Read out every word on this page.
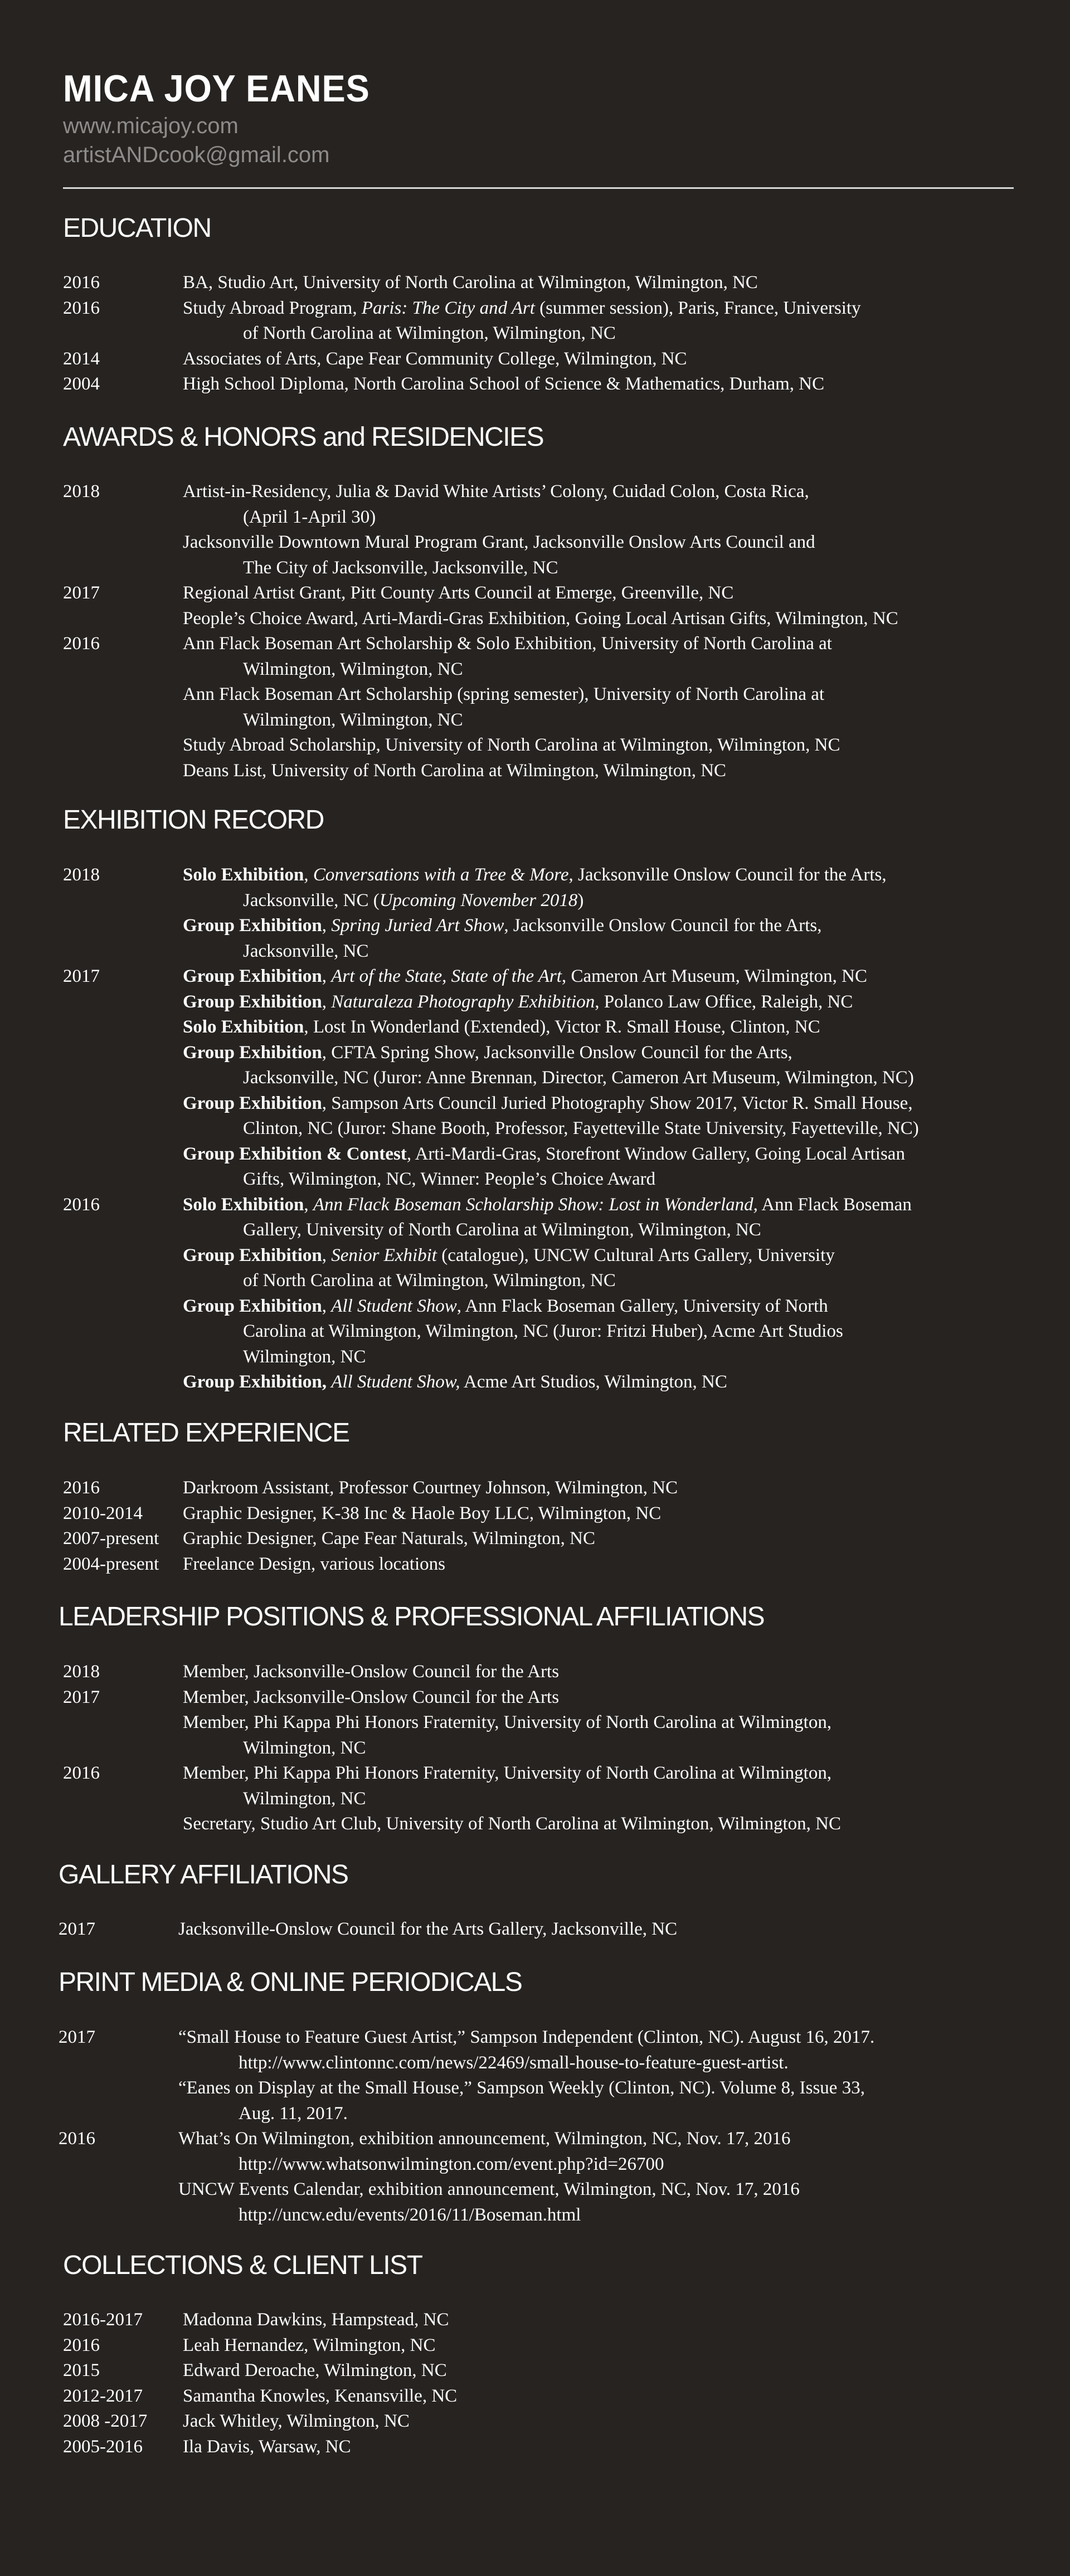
MICA JOY EANES
www.micajoy.com
artistANDcook@gmail.com
EDUCATION
2016	BA, Studio Art, University of North Carolina at Wilmington, Wilmington, NC
2016	Study Abroad Program, Paris: The City and Art (summer session), Paris, France, University
of North Carolina at Wilmington, Wilmington, NC
2014	Associates of Arts, Cape Fear Community College, Wilmington, NC
2004	High School Diploma, North Carolina School of Science & Mathematics, Durham, NC
AWARDS & HONORS and RESIDENCIES
2018	Artist-in-Residency, Julia & David White Artists’ Colony, Cuidad Colon, Costa Rica,
(April 1-April 30)
Jacksonville Downtown Mural Program Grant, Jacksonville Onslow Arts Council and
The City of Jacksonville, Jacksonville, NC
2017	Regional Artist Grant, Pitt County Arts Council at Emerge, Greenville, NC
People’s Choice Award, Arti-Mardi-Gras Exhibition, Going Local Artisan Gifts, Wilmington, NC
2016	Ann Flack Boseman Art Scholarship & Solo Exhibition, University of North Carolina at
Wilmington, Wilmington, NC
Ann Flack Boseman Art Scholarship (spring semester), University of North Carolina at
Wilmington, Wilmington, NC
Study Abroad Scholarship, University of North Carolina at Wilmington, Wilmington, NC
Deans List, University of North Carolina at Wilmington, Wilmington, NC
EXHIBITION RECORD
2018	Solo Exhibition, Conversations with a Tree & More, Jacksonville Onslow Council for the Arts,
Jacksonville, NC (Upcoming November 2018)
Group Exhibition, Spring Juried Art Show, Jacksonville Onslow Council for the Arts,
Jacksonville, NC
2017	Group Exhibition, Art of the State, State of the Art, Cameron Art Museum, Wilmington, NC
Group Exhibition, Naturaleza Photography Exhibition, Polanco Law Office, Raleigh, NC
Solo Exhibition, Lost In Wonderland (Extended), Victor R. Small House, Clinton, NC
Group Exhibition, CFTA Spring Show, Jacksonville Onslow Council for the Arts,
Jacksonville, NC (Juror: Anne Brennan, Director, Cameron Art Museum, Wilmington, NC)
Group Exhibition, Sampson Arts Council Juried Photography Show 2017, Victor R. Small House,
Clinton, NC (Juror: Shane Booth, Professor, Fayetteville State University, Fayetteville, NC)
Group Exhibition & Contest, Arti-Mardi-Gras, Storefront Window Gallery, Going Local Artisan
Gifts, Wilmington, NC, Winner: People’s Choice Award
2016	Solo Exhibition, Ann Flack Boseman Scholarship Show: Lost in Wonderland, Ann Flack Boseman
Gallery, University of North Carolina at Wilmington, Wilmington, NC
Group Exhibition, Senior Exhibit (catalogue), UNCW Cultural Arts Gallery, University
of North Carolina at Wilmington, Wilmington, NC
Group Exhibition, All Student Show, Ann Flack Boseman Gallery, University of North
Carolina at Wilmington, Wilmington, NC (Juror: Fritzi Huber), Acme Art Studios
Wilmington, NC
Group Exhibition, All Student Show, Acme Art Studios, Wilmington, NC
RELATED EXPERIENCE
2016	Darkroom Assistant, Professor Courtney Johnson, Wilmington, NC
2010-2014	Graphic Designer, K-38 Inc & Haole Boy LLC, Wilmington, NC
2007-present	Graphic Designer, Cape Fear Naturals, Wilmington, NC
2004-present	Freelance Design, various locations
LEADERSHIP POSITIONS & PROFESSIONAL AFFILIATIONS
2018	Member, Jacksonville-Onslow Council for the Arts
2017	Member, Jacksonville-Onslow Council for the Arts
Member, Phi Kappa Phi Honors Fraternity, University of North Carolina at Wilmington,
Wilmington, NC
2016	Member, Phi Kappa Phi Honors Fraternity, University of North Carolina at Wilmington,
Wilmington, NC
Secretary, Studio Art Club, University of North Carolina at Wilmington, Wilmington, NC
GALLERY AFFILIATIONS
2017	Jacksonville-Onslow Council for the Arts Gallery, Jacksonville, NC
PRINT MEDIA & ONLINE PERIODICALS
2017	“Small House to Feature Guest Artist,” Sampson Independent (Clinton, NC). August 16, 2017.
http://www.clintonnc.com/news/22469/small-house-to-feature-guest-artist.
“Eanes on Display at the Small House,” Sampson Weekly (Clinton, NC). Volume 8, Issue 33,
Aug. 11, 2017.
2016	What’s On Wilmington, exhibition announcement, Wilmington, NC, Nov. 17, 2016
http://www.whatsonwilmington.com/event.php?id=26700
UNCW Events Calendar, exhibition announcement, Wilmington, NC, Nov. 17, 2016
http://uncw.edu/events/2016/11/Boseman.html
COLLECTIONS & CLIENT LIST
2016-2017	Madonna Dawkins, Hampstead, NC
2016	Leah Hernandez, Wilmington, NC
2015	Edward Deroache, Wilmington, NC
2012-2017	Samantha Knowles, Kenansville, NC
2008 -2017	Jack Whitley, Wilmington, NC
2005-2016	Ila Davis, Warsaw, NC
